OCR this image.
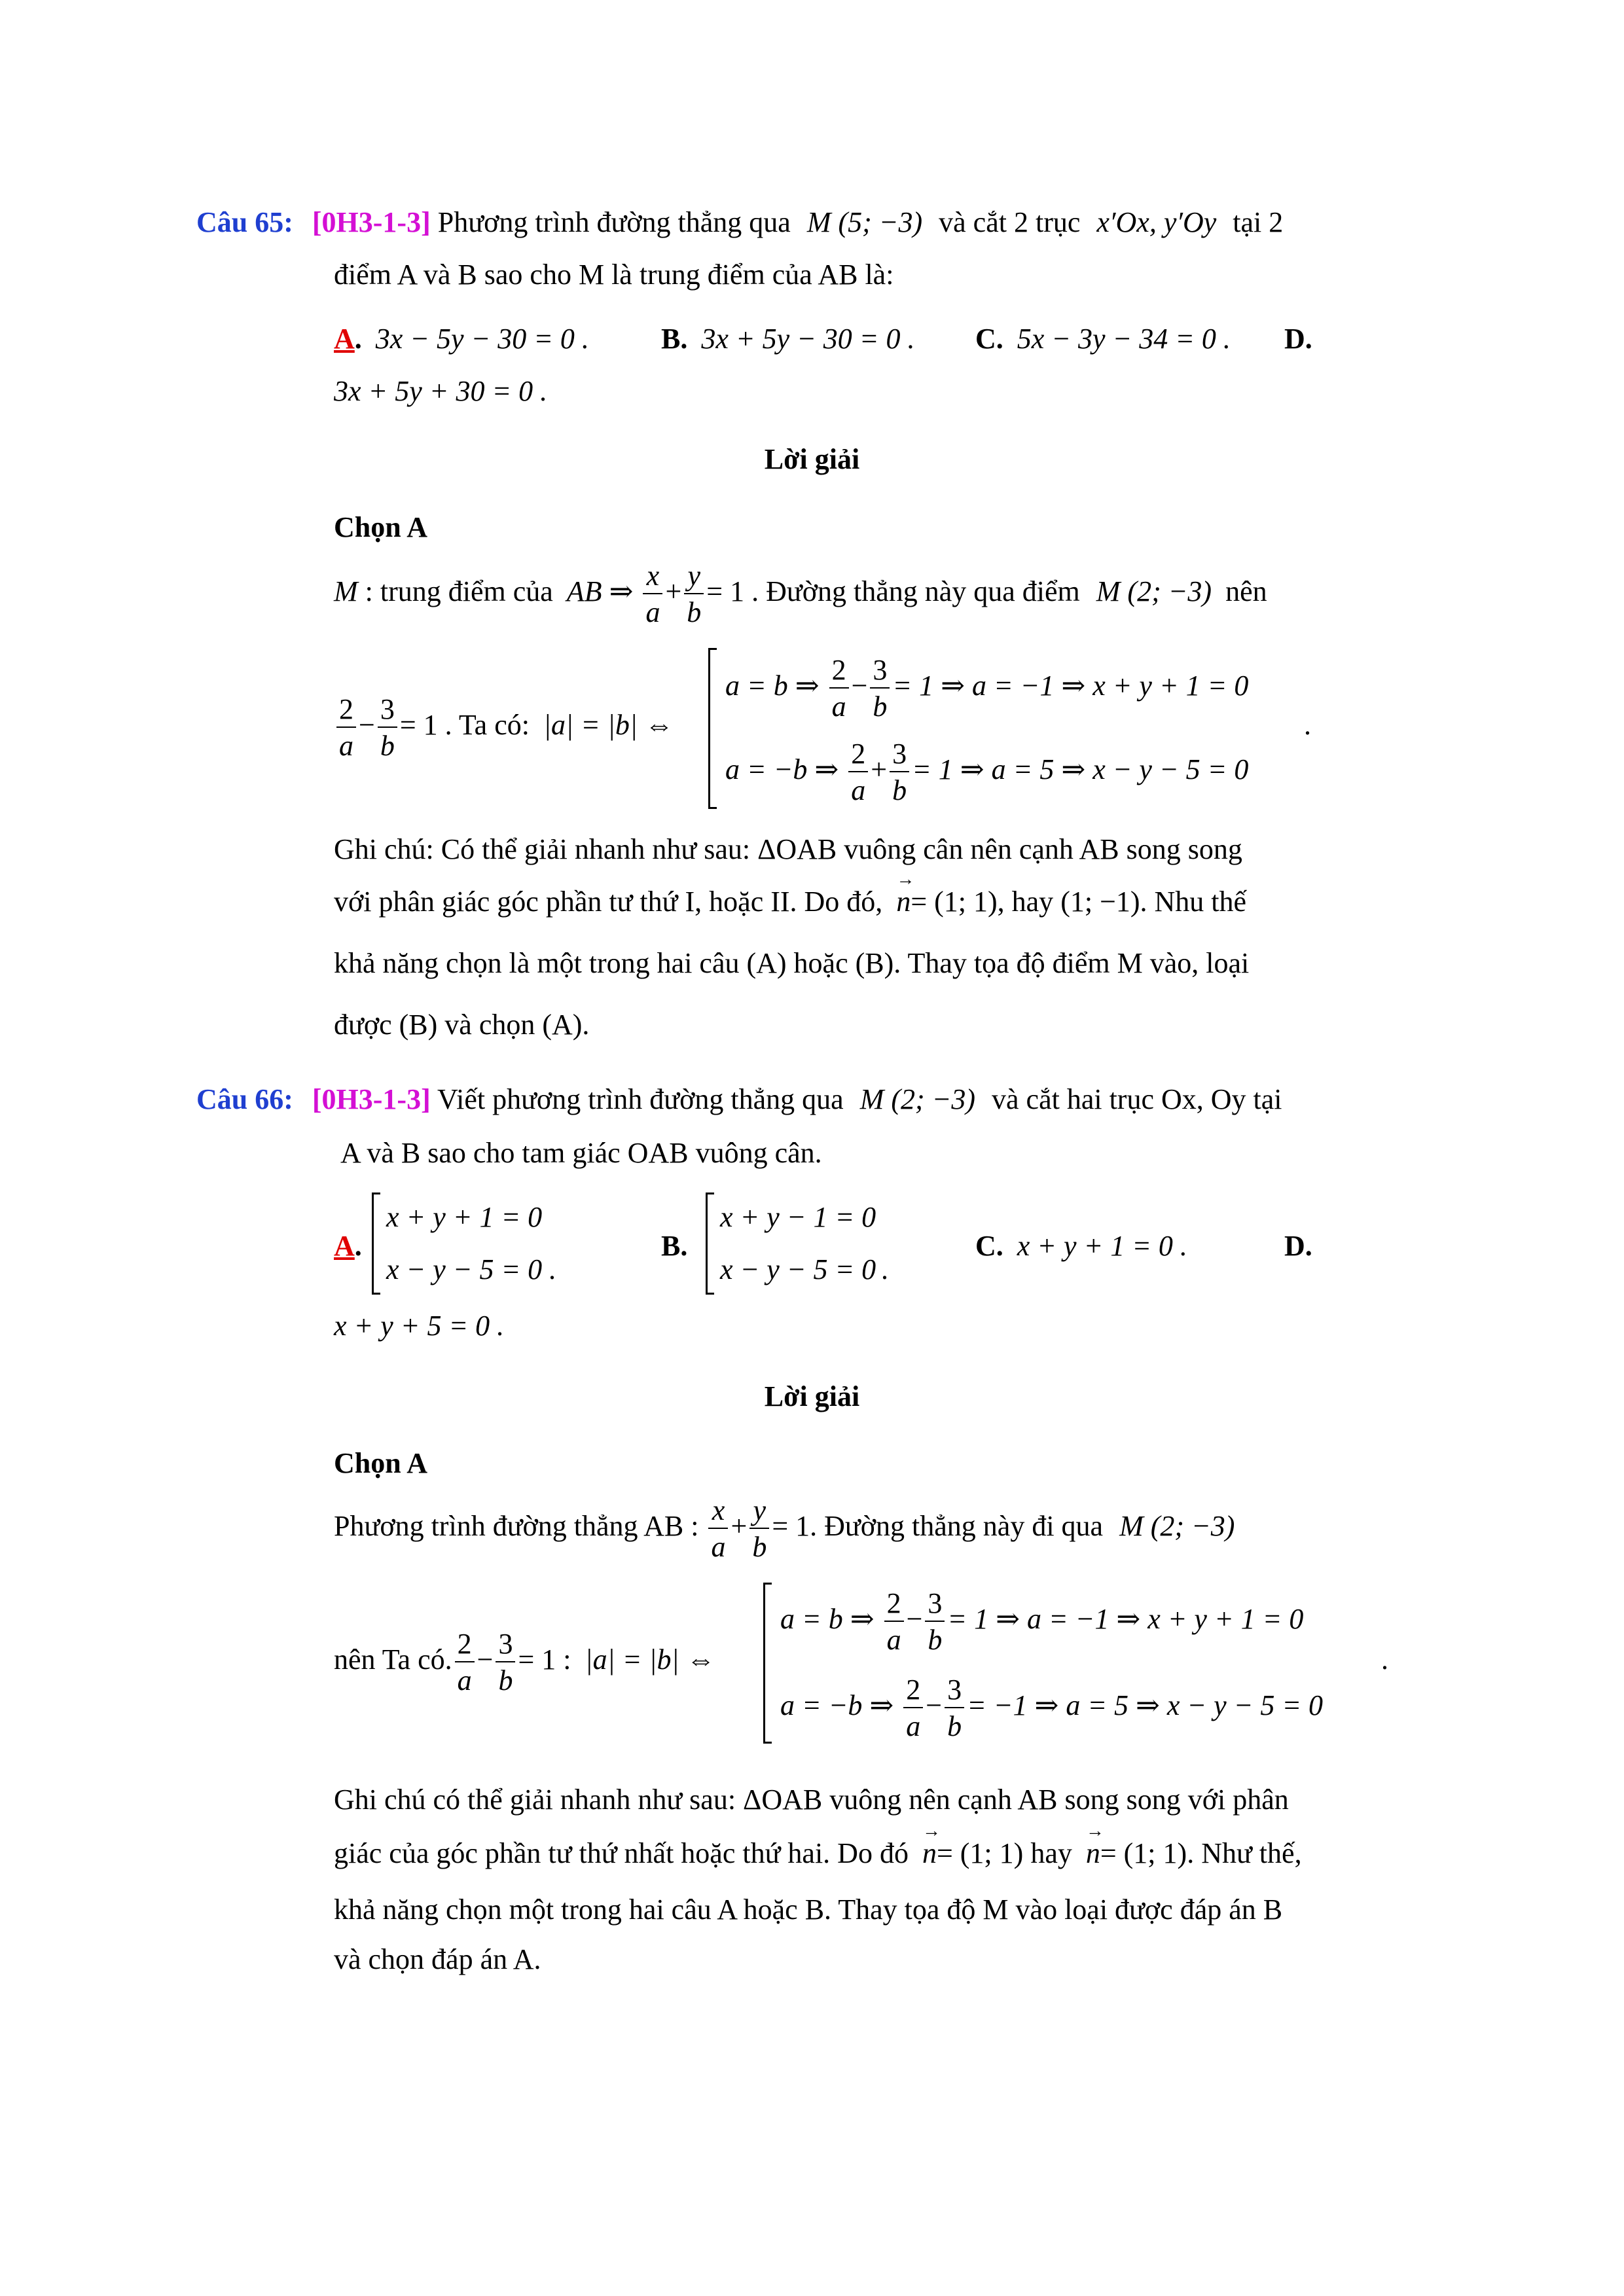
Câu 65: [0H3-1-3] Phương trình đường thẳng qua M (5; −3) và cắt 2 trục x′Ox, y′Oy tại 2
điểm A và B sao cho M là trung điểm của AB là:
A. 3x − 5y − 30 = 0 .	B. 3x + 5y − 30 = 0 . C. 5x − 3y − 34 = 0 . D.
3x + 5y + 30 = 0 .
Lời giải
Chọn A
M : trung điểm của AB ⇒ $\frac{x}{a} + \frac{y}{b} = 1$ . Đường thẳng này qua điểm M (2; −3) nên
$\frac{2}{a} - \frac{3}{b} = 1$ . Ta có: |a| = |b| ⇔
a = b ⇒ $\frac{2}{a} - \frac{3}{b} = 1$ ⇒ a = −1 ⇒ x + y + 1 = 0
a = −b ⇒ $\frac{2}{a} + \frac{3}{b} = 1$ ⇒ a = 5 ⇒ x − y − 5 = 0
.
Ghi chú: Có thể giải nhanh như sau: ΔOAB vuông cân nên cạnh AB song song
với phân giác góc phần tư thứ I, hoặc II. Do đó, → n= (1; 1), hay (1; −1). Nhu thế
khả năng chọn là một trong hai câu (A) hoặc (B). Thay tọa độ điểm M vào, loại
được (B) và chọn (A).
Câu 66: [0H3-1-3] Viết phương trình đường thẳng qua M (2; −3) và cắt hai trục Ox, Oy tại
A và B sao cho tam giác OAB vuông cân.
A.
x + y + 1 = 0
x − y − 5 = 0 .
B.
x + y − 1 = 0
x − y − 5 = 0 .
C. x + y + 1 = 0 .	D.
x + y + 5 = 0 .
Lời giải
Chọn A
Phương trình đường thẳng AB : $\frac{x}{a} + \frac{y}{b} = 1$. Đường thẳng này đi qua M (2; −3)
nên Ta có. $\frac{2}{a} - \frac{3}{b} = 1$ : |a| = |b| ⇔
a = b ⇒ $\frac{2}{a} - \frac{3}{b} = 1$ ⇒ a = −1 ⇒ x + y + 1 = 0
a = −b ⇒ $\frac{2}{a} - \frac{3}{b} = -1$ ⇒ a = 5 ⇒ x − y − 5 = 0
.
Ghi chú có thể giải nhanh như sau: ΔOAB vuông nên cạnh AB song song với phân
giác của góc phần tư thứ nhất hoặc thứ hai. Do đó → n= (1; 1) hay → n= (1; 1). Như thế,
khả năng chọn một trong hai câu A hoặc B. Thay tọa độ M vào loại được đáp án B
và chọn đáp án A.
